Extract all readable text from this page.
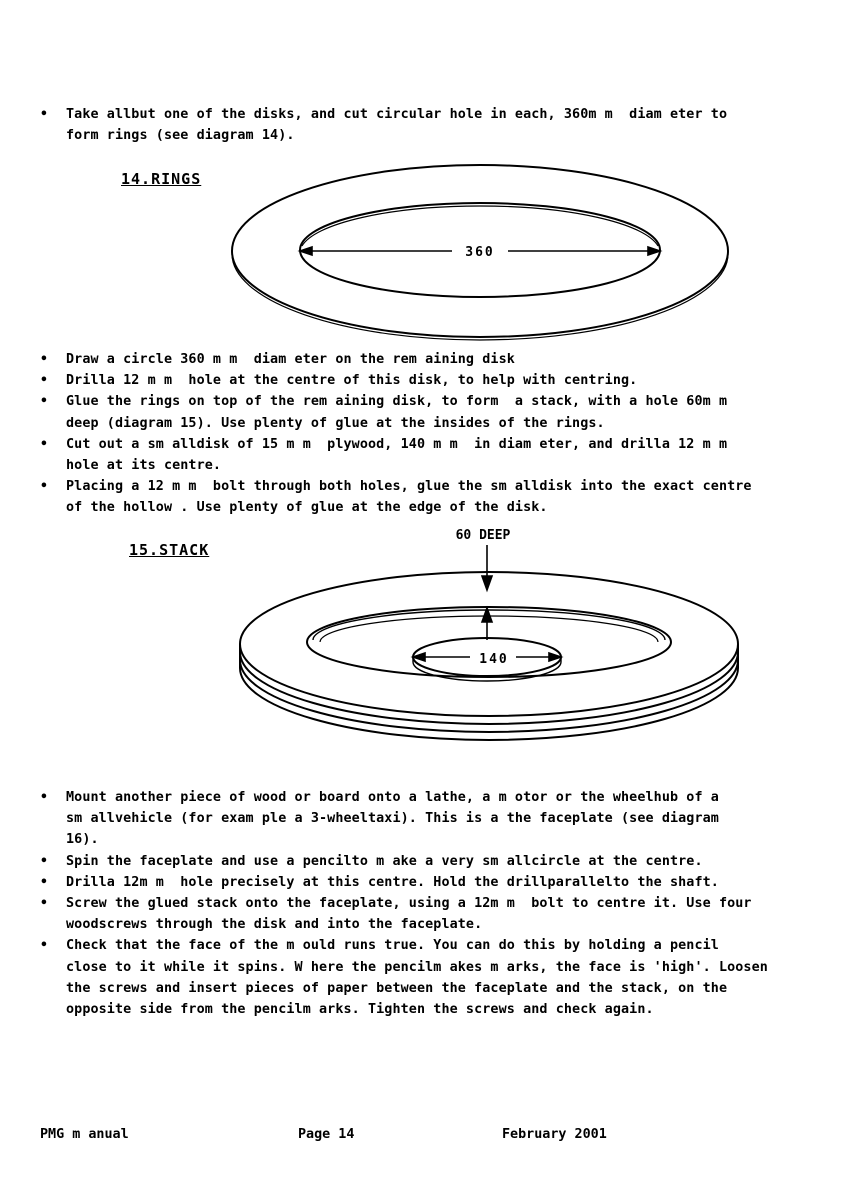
• Take allbut one of the disks, and cut circular hole in each, 360m m  diam eter to
form rings (see diagram 14).
14.RINGS
360
• Draw a circle 360 m m  diam eter on the rem aining disk
• Drilla 12 m m  hole at the centre of this disk, to help with centring.
• Glue the rings on top of the rem aining disk, to form  a stack, with a hole 60m m
deep (diagram 15). Use plenty of glue at the insides of the rings.
• Cut out a sm alldisk of 15 m m  plywood, 140 m m  in diam eter, and drilla 12 m m
hole at its centre.
• Placing a 12 m m  bolt through both holes, glue the sm alldisk into the exact centre
of the hollow . Use plenty of glue at the edge of the disk.
15.STACK
60 DEEP
140
• Mount another piece of wood or board onto a lathe, a m otor or the wheelhub of a
sm allvehicle (for exam ple a 3-wheeltaxi). This is a the faceplate (see diagram
16).
• Spin the faceplate and use a pencilto m ake a very sm allcircle at the centre.
• Drilla 12m m  hole precisely at this centre. Hold the drillparallelto the shaft.
• Screw the glued stack onto the faceplate, using a 12m m  bolt to centre it. Use four
woodscrews through the disk and into the faceplate.
• Check that the face of the m ould runs true. You can do this by holding a pencil
close to it while it spins. W here the pencilm akes m arks, the face is 'high'. Loosen
the screws and insert pieces of paper between the faceplate and the stack, on the
opposite side from the pencilm arks. Tighten the screws and check again.
PMG m anual	Page 14	February 2001
